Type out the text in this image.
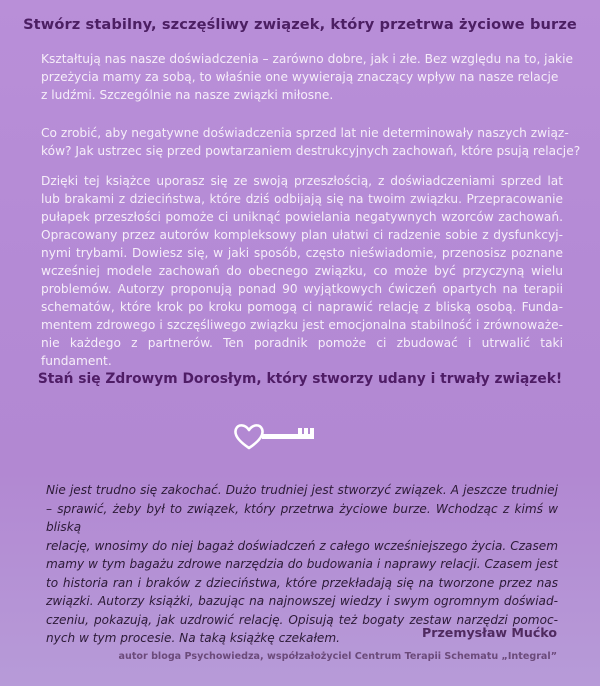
Stwórz stabilny, szczęśliwy związek, który przetrwa życiowe burze

Kształtują nas nasze doświadczenia – zarówno dobre, jak i złe. Bez względu na to, jakie
przeżycia mamy za sobą, to właśnie one wywierają znaczący wpływ na nasze relacje
z ludźmi. Szczególnie na nasze związki miłosne.

Co zrobić, aby negatywne doświadczenia sprzed lat nie determinowały naszych związ-
ków? Jak ustrzec się przed powtarzaniem destrukcyjnych zachowań, które psują relacje?

Dzięki tej książce uporasz się ze swoją przeszłością, z doświadczeniami sprzed lat
lub brakami z dzieciństwa, które dziś odbijają się na twoim związku. Przepracowanie
pułapek przeszłości pomoże ci uniknąć powielania negatywnych wzorców zachowań.
Opracowany przez autorów kompleksowy plan ułatwi ci radzenie sobie z dysfunkcyj-
nymi trybami. Dowiesz się, w jaki sposób, często nieświadomie, przenosisz poznane
wcześniej modele zachowań do obecnego związku, co może być przyczyną wielu
problemów. Autorzy proponują ponad 90 wyjątkowych ćwiczeń opartych na terapii
schematów, które krok po kroku pomogą ci naprawić relację z bliską osobą. Funda-
mentem zdrowego i szczęśliwego związku jest emocjonalna stabilność i zrównoważe-
nie każdego z partnerów. Ten poradnik pomoże ci zbudować i utrwalić taki fundament.

Stań się Zdrowym Dorosłym, który stworzy udany i trwały związek!

Nie jest trudno się zakochać. Dużo trudniej jest stworzyć związek. A jeszcze trudniej
– sprawić, żeby był to związek, który przetrwa życiowe burze. Wchodząc z kimś w bliską
relację, wnosimy do niej bagaż doświadczeń z całego wcześniejszego życia. Czasem
mamy w tym bagażu zdrowe narzędzia do budowania i naprawy relacji. Czasem jest
to historia ran i braków z dzieciństwa, które przekładają się na tworzone przez nas
związki. Autorzy książki, bazując na najnowszej wiedzy i swym ogromnym doświad-
czeniu, pokazują, jak uzdrowić relację. Opisują też bogaty zestaw narzędzi pomoc-
nych w tym procesie. Na taką książkę czekałem.	Przemysław Mućko
autor bloga Psychowiedza, współzałożyciel Centrum Terapii Schematu „Integral”
